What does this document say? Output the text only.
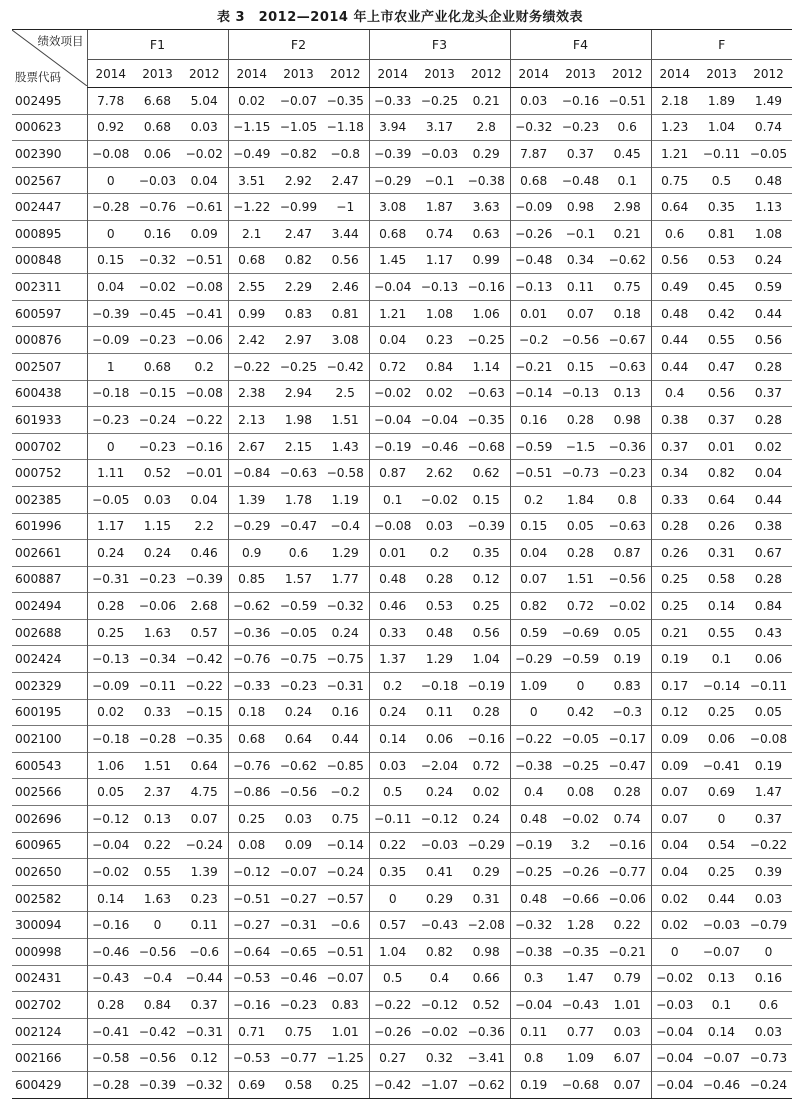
表 3　2012—2014 年上市农业产业化龙头企业财务绩效表
绩效项目
股票代码	F1			F2			F3			F4			F		
	2014	2013	2012	2014	2013	2012	2014	2013	2012	2014	2013	2012	2014	2013	2012
002495	7.78	6.68	5.04	0.02	−0.07	−0.35	−0.33	−0.25	0.21	0.03	−0.16	−0.51	2.18	1.89	1.49
000623	0.92	0.68	0.03	−1.15	−1.05	−1.18	3.94	3.17	2.8	−0.32	−0.23	0.6	1.23	1.04	0.74
002390	−0.08	0.06	−0.02	−0.49	−0.82	−0.8	−0.39	−0.03	0.29	7.87	0.37	0.45	1.21	−0.11	−0.05
002567	0	−0.03	0.04	3.51	2.92	2.47	−0.29	−0.1	−0.38	0.68	−0.48	0.1	0.75	0.5	0.48
002447	−0.28	−0.76	−0.61	−1.22	−0.99	−1	3.08	1.87	3.63	−0.09	0.98	2.98	0.64	0.35	1.13
000895	0	0.16	0.09	2.1	2.47	3.44	0.68	0.74	0.63	−0.26	−0.1	0.21	0.6	0.81	1.08
000848	0.15	−0.32	−0.51	0.68	0.82	0.56	1.45	1.17	0.99	−0.48	0.34	−0.62	0.56	0.53	0.24
002311	0.04	−0.02	−0.08	2.55	2.29	2.46	−0.04	−0.13	−0.16	−0.13	0.11	0.75	0.49	0.45	0.59
600597	−0.39	−0.45	−0.41	0.99	0.83	0.81	1.21	1.08	1.06	0.01	0.07	0.18	0.48	0.42	0.44
000876	−0.09	−0.23	−0.06	2.42	2.97	3.08	0.04	0.23	−0.25	−0.2	−0.56	−0.67	0.44	0.55	0.56
002507	1	0.68	0.2	−0.22	−0.25	−0.42	0.72	0.84	1.14	−0.21	0.15	−0.63	0.44	0.47	0.28
600438	−0.18	−0.15	−0.08	2.38	2.94	2.5	−0.02	0.02	−0.63	−0.14	−0.13	0.13	0.4	0.56	0.37
601933	−0.23	−0.24	−0.22	2.13	1.98	1.51	−0.04	−0.04	−0.35	0.16	0.28	0.98	0.38	0.37	0.28
000702	0	−0.23	−0.16	2.67	2.15	1.43	−0.19	−0.46	−0.68	−0.59	−1.5	−0.36	0.37	0.01	0.02
000752	1.11	0.52	−0.01	−0.84	−0.63	−0.58	0.87	2.62	0.62	−0.51	−0.73	−0.23	0.34	0.82	0.04
002385	−0.05	0.03	0.04	1.39	1.78	1.19	0.1	−0.02	0.15	0.2	1.84	0.8	0.33	0.64	0.44
601996	1.17	1.15	2.2	−0.29	−0.47	−0.4	−0.08	0.03	−0.39	0.15	0.05	−0.63	0.28	0.26	0.38
002661	0.24	0.24	0.46	0.9	0.6	1.29	0.01	0.2	0.35	0.04	0.28	0.87	0.26	0.31	0.67
600887	−0.31	−0.23	−0.39	0.85	1.57	1.77	0.48	0.28	0.12	0.07	1.51	−0.56	0.25	0.58	0.28
002494	0.28	−0.06	2.68	−0.62	−0.59	−0.32	0.46	0.53	0.25	0.82	0.72	−0.02	0.25	0.14	0.84
002688	0.25	1.63	0.57	−0.36	−0.05	0.24	0.33	0.48	0.56	0.59	−0.69	0.05	0.21	0.55	0.43
002424	−0.13	−0.34	−0.42	−0.76	−0.75	−0.75	1.37	1.29	1.04	−0.29	−0.59	0.19	0.19	0.1	0.06
002329	−0.09	−0.11	−0.22	−0.33	−0.23	−0.31	0.2	−0.18	−0.19	1.09	0	0.83	0.17	−0.14	−0.11
600195	0.02	0.33	−0.15	0.18	0.24	0.16	0.24	0.11	0.28	0	0.42	−0.3	0.12	0.25	0.05
002100	−0.18	−0.28	−0.35	0.68	0.64	0.44	0.14	0.06	−0.16	−0.22	−0.05	−0.17	0.09	0.06	−0.08
600543	1.06	1.51	0.64	−0.76	−0.62	−0.85	0.03	−2.04	0.72	−0.38	−0.25	−0.47	0.09	−0.41	0.19
002566	0.05	2.37	4.75	−0.86	−0.56	−0.2	0.5	0.24	0.02	0.4	0.08	0.28	0.07	0.69	1.47
002696	−0.12	0.13	0.07	0.25	0.03	0.75	−0.11	−0.12	0.24	0.48	−0.02	0.74	0.07	0	0.37
600965	−0.04	0.22	−0.24	0.08	0.09	−0.14	0.22	−0.03	−0.29	−0.19	3.2	−0.16	0.04	0.54	−0.22
002650	−0.02	0.55	1.39	−0.12	−0.07	−0.24	0.35	0.41	0.29	−0.25	−0.26	−0.77	0.04	0.25	0.39
002582	0.14	1.63	0.23	−0.51	−0.27	−0.57	0	0.29	0.31	0.48	−0.66	−0.06	0.02	0.44	0.03
300094	−0.16	0	0.11	−0.27	−0.31	−0.6	0.57	−0.43	−2.08	−0.32	1.28	0.22	0.02	−0.03	−0.79
000998	−0.46	−0.56	−0.6	−0.64	−0.65	−0.51	1.04	0.82	0.98	−0.38	−0.35	−0.21	0	−0.07	0
002431	−0.43	−0.4	−0.44	−0.53	−0.46	−0.07	0.5	0.4	0.66	0.3	1.47	0.79	−0.02	0.13	0.16
002702	0.28	0.84	0.37	−0.16	−0.23	0.83	−0.22	−0.12	0.52	−0.04	−0.43	1.01	−0.03	0.1	0.6
002124	−0.41	−0.42	−0.31	0.71	0.75	1.01	−0.26	−0.02	−0.36	0.11	0.77	0.03	−0.04	0.14	0.03
002166	−0.58	−0.56	0.12	−0.53	−0.77	−1.25	0.27	0.32	−3.41	0.8	1.09	6.07	−0.04	−0.07	−0.73
600429	−0.28	−0.39	−0.32	0.69	0.58	0.25	−0.42	−1.07	−0.62	0.19	−0.68	0.07	−0.04	−0.46	−0.24
